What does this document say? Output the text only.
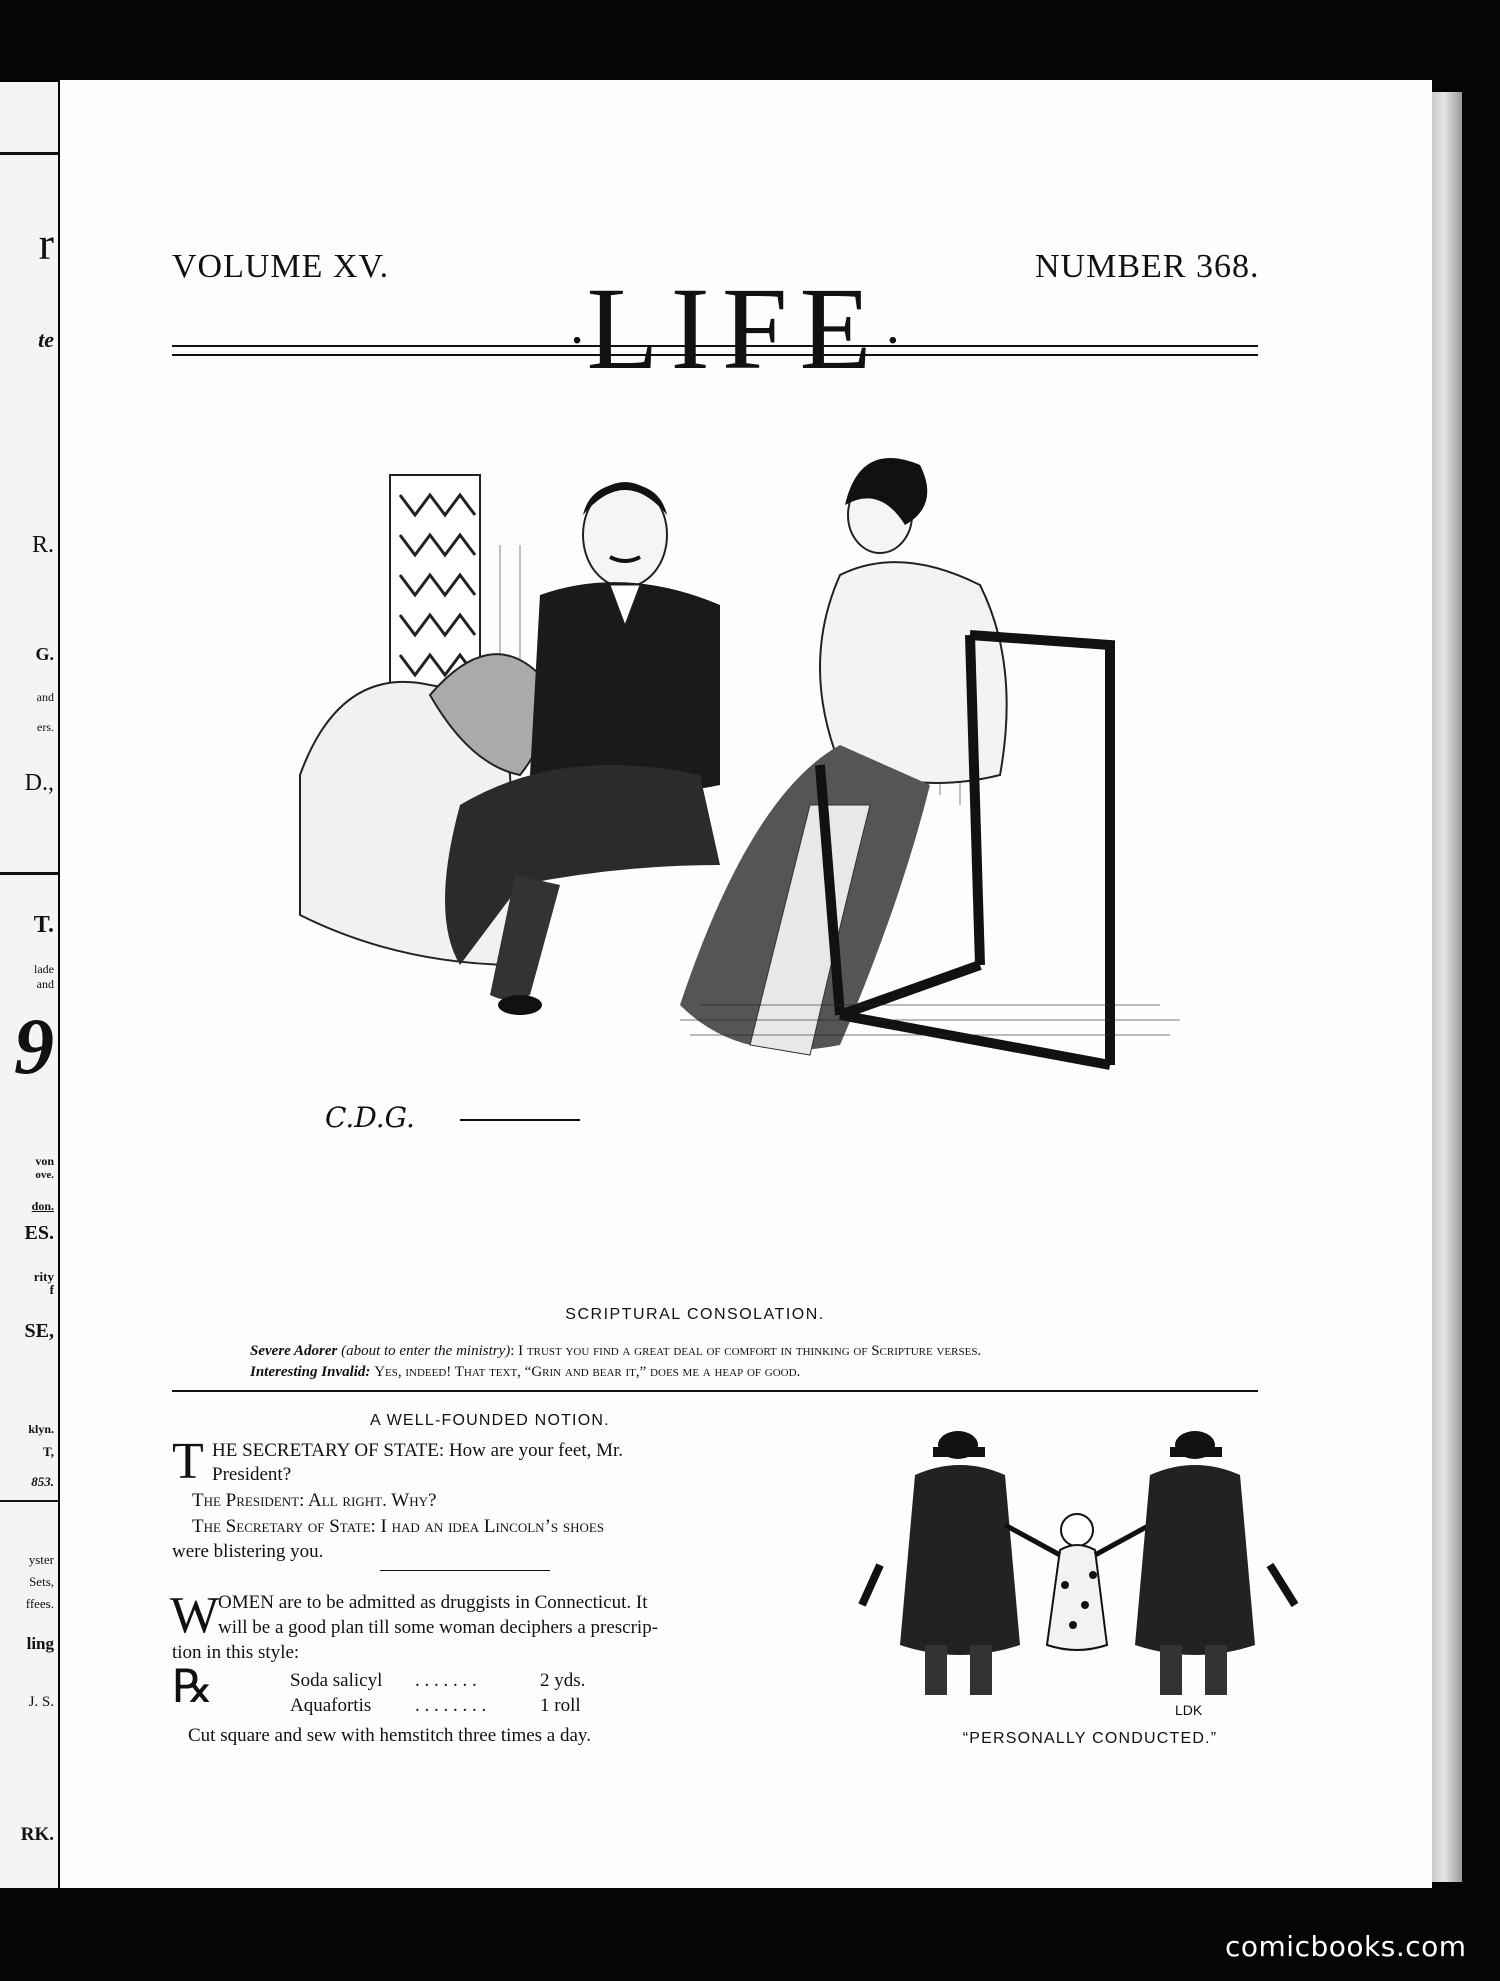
r
te
R.
G.
and
ers.
D.,
T.
lade
and
9
von
ove.
don.
ES.
rity
f
SE,
klyn.
T,
853.
yster
Sets,
ffees.
ling
J. S.
RK.
VOLUME XV.
·LIFE·
NUMBER 368.
C.D.G.
SCRIPTURAL CONSOLATION.
Severe Adorer (about to enter the ministry): I trust you find a great deal of comfort in thinking of Scripture verses.
Interesting Invalid: Yes, indeed! That text, “Grin and bear it,” does me a heap of good.
A WELL-FOUNDED NOTION.
T HE SECRETARY OF STATE: How are your feet, Mr.
President?
The President: All right. Why?
The Secretary of State: I had an idea Lincoln’s shoes
were blistering you.
W
OMEN are to be admitted as druggists in Connecticut. It
will be a good plan till some woman deciphers a prescrip-
tion in this style:
℞	Soda salicyl . . . . . . .	2 yds.
Aquafortis . . . . . . . .	1 roll
Cut square and sew with hemstitch three times a day.
LDK
“PERSONALLY CONDUCTED.”
comicbooks.com
